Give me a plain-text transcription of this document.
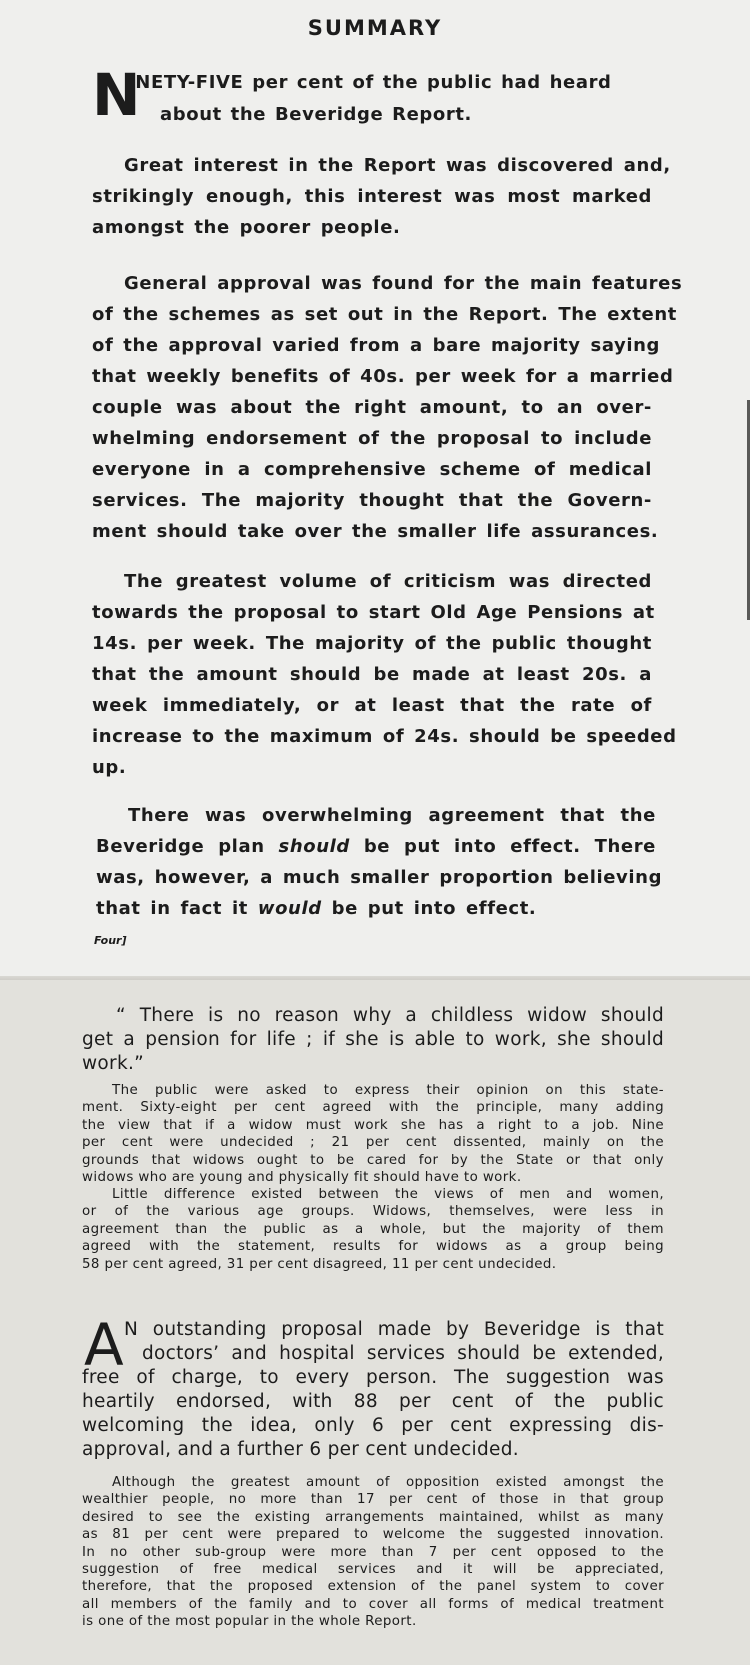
SUMMARY
N
INETY-FIVE per cent of the public had heard
about the Beveridge Report.

Great interest in the Report was discovered and,
strikingly enough, this interest was most marked
amongst the poorer people.

General approval was found for the main features
of the schemes as set out in the Report. The extent
of the approval varied from a bare majority saying
that weekly benefits of 40s. per week for a married
couple was about the right amount, to an over-
whelming endorsement of the proposal to include
everyone in a comprehensive scheme of medical
services. The majority thought that the Govern-
ment should take over the smaller life assurances.

The greatest volume of criticism was directed
towards the proposal to start Old Age Pensions at
14s. per week. The majority of the public thought
that the amount should be made at least 20s. a
week immediately, or at least that the rate of
increase to the maximum of 24s. should be speeded
up.

There was overwhelming agreement that the
Beveridge plan should be put into effect. There
was, however, a much smaller proportion believing
that in fact it would be put into effect.

Four]

“ There is no reason why a childless widow should
get a pension for life ; if she is able to work, she should
work.”

The public were asked to express their opinion on this state-
ment. Sixty-eight per cent agreed with the principle, many adding
the view that if a widow must work she has a right to a job. Nine
per cent were undecided ; 21 per cent dissented, mainly on the
grounds that widows ought to be cared for by the State or that only
widows who are young and physically fit should have to work.

Little difference existed between the views of men and women,
or of the various age groups. Widows, themselves, were less in
agreement than the public as a whole, but the majority of them
agreed with the statement, results for widows as a group being
58 per cent agreed, 31 per cent disagreed, 11 per cent undecided.

A N outstanding proposal made by Beveridge is that
doctors’ and hospital services should be extended,
free of charge, to every person. The suggestion was
heartily endorsed, with 88 per cent of the public
welcoming the idea, only 6 per cent expressing dis-
approval, and a further 6 per cent undecided.

Although the greatest amount of opposition existed amongst the
wealthier people, no more than 17 per cent of those in that group
desired to see the existing arrangements maintained, whilst as many
as 81 per cent were prepared to welcome the suggested innovation.
In no other sub-group were more than 7 per cent opposed to the
suggestion of free medical services and it will be appreciated,
therefore, that the proposed extension of the panel system to cover
all members of the family and to cover all forms of medical treatment
is one of the most popular in the whole Report.
